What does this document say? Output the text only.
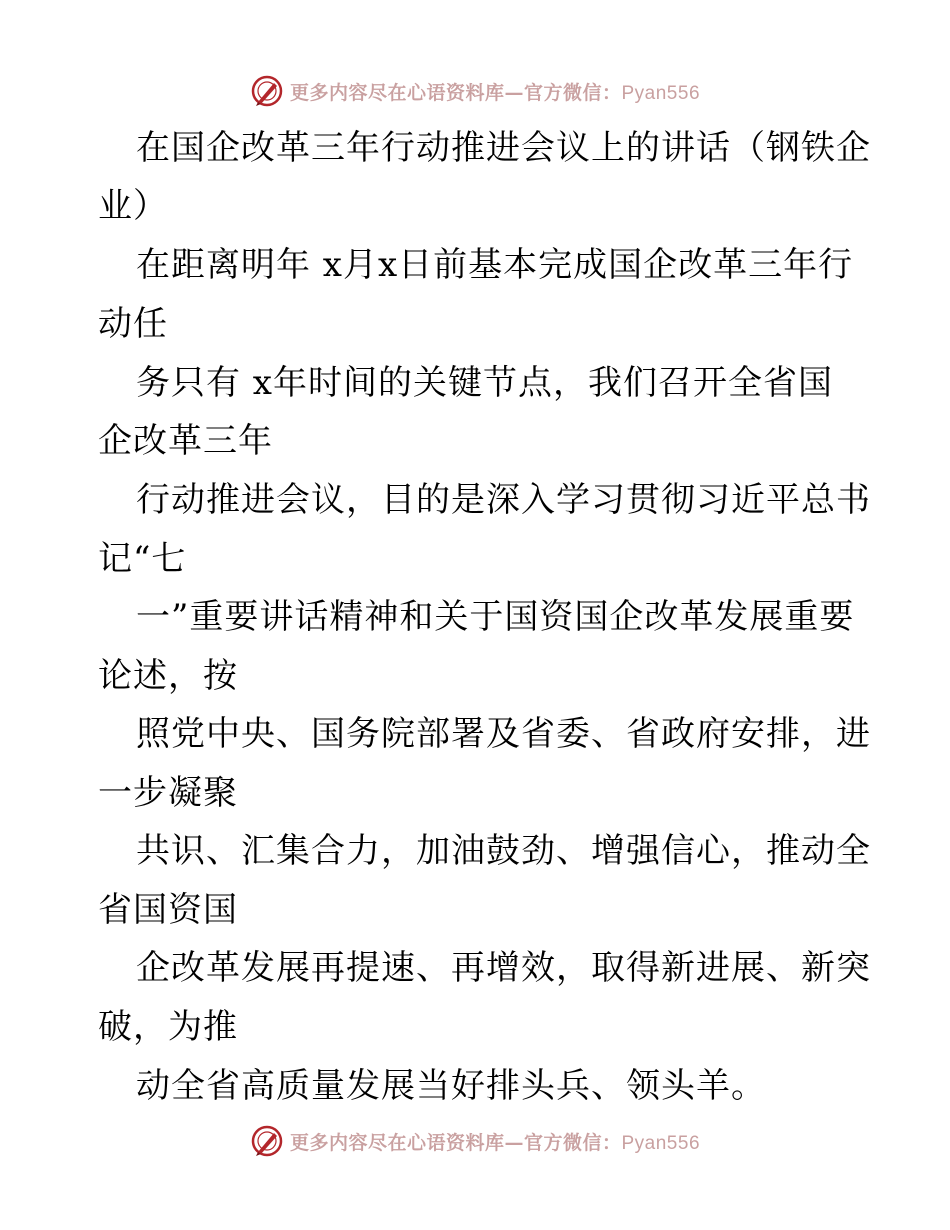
更多内容尽在心语资料库—官方微信：Pyan556
在国企改革三年行动推进会议上的讲话（钢铁企
业）
在距离明年 x月x日前基本完成国企改革三年行
动任
务只有 x年时间的关键节点，我们召开全省国
企改革三年
行动推进会议，目的是深入学习贯彻习近平总书
记“七
一”重要讲话精神和关于国资国企改革发展重要
论述，按
照党中央、国务院部署及省委、省政府安排，进
一步凝聚
共识、汇集合力，加油鼓劲、增强信心，推动全
省国资国
企改革发展再提速、再增效，取得新进展、新突
破，为推
动全省高质量发展当好排头兵、领头羊。
更多内容尽在心语资料库—官方微信：Pyan556
